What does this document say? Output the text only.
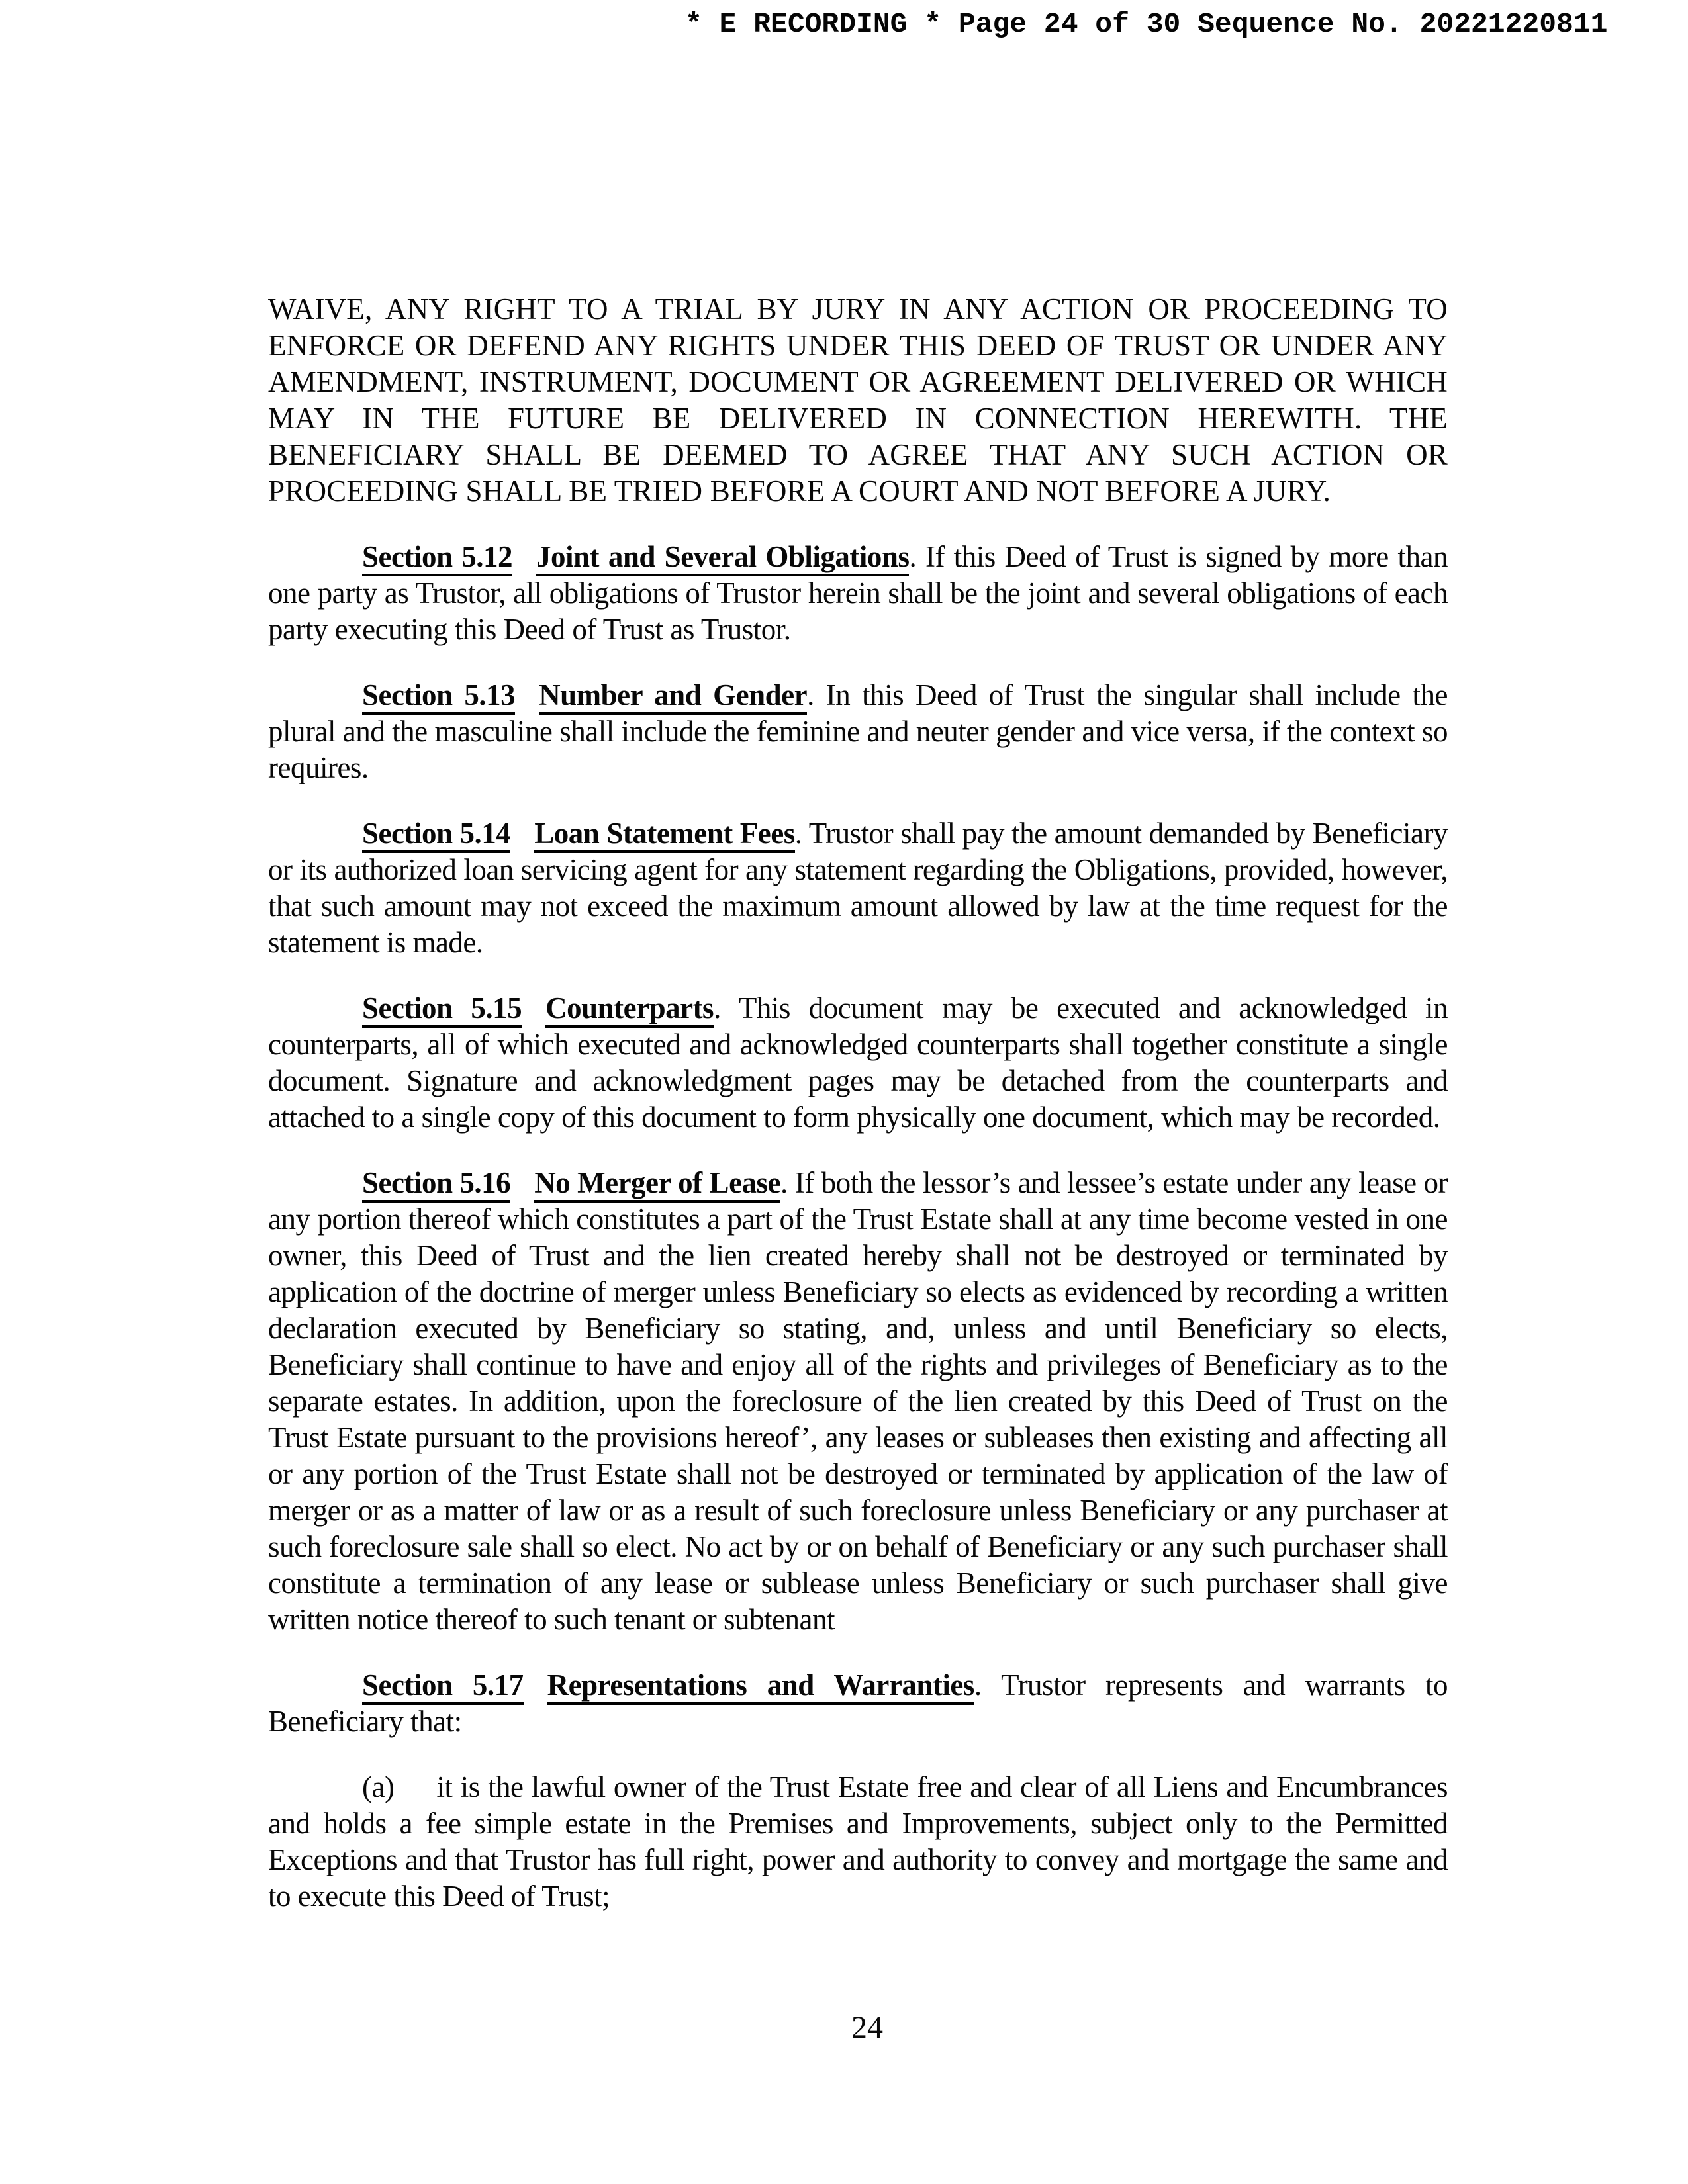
* E RECORDING * Page 24 of 30 Sequence No. 20221220811

WAIVE, ANY RIGHT TO A TRIAL BY JURY IN ANY ACTION OR PROCEEDING TO ENFORCE OR DEFEND ANY RIGHTS UNDER THIS DEED OF TRUST OR UNDER ANY AMENDMENT, INSTRUMENT, DOCUMENT OR AGREEMENT DELIVERED OR WHICH MAY IN THE FUTURE BE DELIVERED IN CONNECTION HEREWITH. THE BENEFICIARY SHALL BE DEEMED TO AGREE THAT ANY SUCH ACTION OR PROCEEDING SHALL BE TRIED BEFORE A COURT AND NOT BEFORE A JURY.

Section 5.12 Joint and Several Obligations. If this Deed of Trust is signed by more than one party as Trustor, all obligations of Trustor herein shall be the joint and several obligations of each party executing this Deed of Trust as Trustor.

Section 5.13 Number and Gender. In this Deed of Trust the singular shall include the plural and the masculine shall include the feminine and neuter gender and vice versa, if the context so requires.

Section 5.14 Loan Statement Fees. Trustor shall pay the amount demanded by Beneficiary or its authorized loan servicing agent for any statement regarding the Obligations, provided, however, that such amount may not exceed the maximum amount allowed by law at the time request for the statement is made.

Section 5.15 Counterparts. This document may be executed and acknowledged in counterparts, all of which executed and acknowledged counterparts shall together constitute a single document. Signature and acknowledgment pages may be detached from the counterparts and attached to a single copy of this document to form physically one document, which may be recorded.

Section 5.16 No Merger of Lease. If both the lessor’s and lessee’s estate under any lease or any portion thereof which constitutes a part of the Trust Estate shall at any time become vested in one owner, this Deed of Trust and the lien created hereby shall not be destroyed or terminated by application of the doctrine of merger unless Beneficiary so elects as evidenced by recording a written declaration executed by Beneficiary so stating, and, unless and until Beneficiary so elects, Beneficiary shall continue to have and enjoy all of the rights and privileges of Beneficiary as to the separate estates. In addition, upon the foreclosure of the lien created by this Deed of Trust on the Trust Estate pursuant to the provisions hereof’, any leases or subleases then existing and affecting all or any portion of the Trust Estate shall not be destroyed or terminated by application of the law of merger or as a matter of law or as a result of such foreclosure unless Beneficiary or any purchaser at such foreclosure sale shall so elect. No act by or on behalf of Beneficiary or any such purchaser shall constitute a termination of any lease or sublease unless Beneficiary or such purchaser shall give written notice thereof to such tenant or subtenant

Section 5.17 Representations and Warranties. Trustor represents and warrants to Beneficiary that:

(a) it is the lawful owner of the Trust Estate free and clear of all Liens and Encumbrances and holds a fee simple estate in the Premises and Improvements, subject only to the Permitted Exceptions and that Trustor has full right, power and authority to convey and mortgage the same and to execute this Deed of Trust;

24
